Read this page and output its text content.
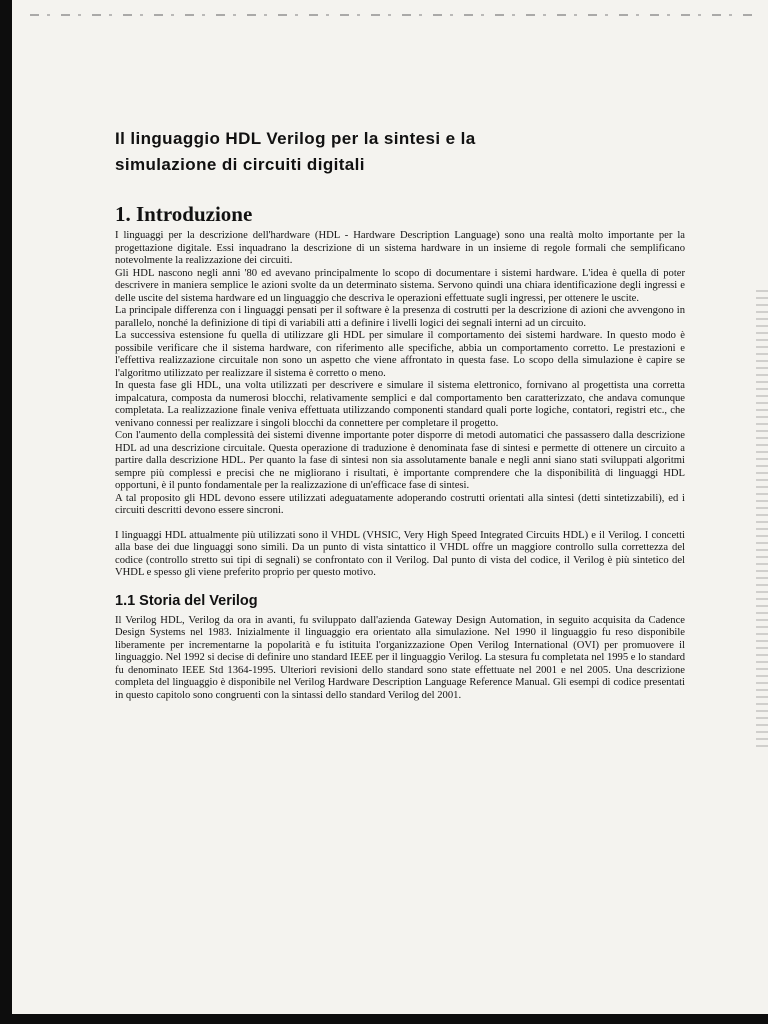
Il linguaggio HDL Verilog per la sintesi e la
simulazione di circuiti digitali
1. Introduzione

I linguaggi per la descrizione dell'hardware (HDL - Hardware Description Language) sono una realtà molto importante per la progettazione digitale. Essi inquadrano la descrizione di un sistema hardware in un insieme di regole formali che semplificano notevolmente la realizzazione dei circuiti.

Gli HDL nascono negli anni '80 ed avevano principalmente lo scopo di documentare i sistemi hardware. L'idea è quella di poter descrivere in maniera semplice le azioni svolte da un determinato sistema. Servono quindi una chiara identificazione degli ingressi e delle uscite del sistema hardware ed un linguaggio che descriva le operazioni effettuate sugli ingressi, per ottenere le uscite.

La principale differenza con i linguaggi pensati per il software è la presenza di costrutti per la descrizione di azioni che avvengono in parallelo, nonché la definizione di tipi di variabili atti a definire i livelli logici dei segnali interni ad un circuito.

La successiva estensione fu quella di utilizzare gli HDL per simulare il comportamento dei sistemi hardware. In questo modo è possibile verificare che il sistema hardware, con riferimento alle specifiche, abbia un comportamento corretto. Le prestazioni e l'effettiva realizzazione circuitale non sono un aspetto che viene affrontato in questa fase. Lo scopo della simulazione è capire se l'algoritmo utilizzato per realizzare il sistema è corretto o meno.

In questa fase gli HDL, una volta utilizzati per descrivere e simulare il sistema elettronico, fornivano al progettista una corretta impalcatura, composta da numerosi blocchi, relativamente semplici e dal comportamento ben caratterizzato, che andava comunque completata. La realizzazione finale veniva effettuata utilizzando componenti standard quali porte logiche, contatori, registri etc., che venivano connessi per realizzare i singoli blocchi da connettere per completare il progetto.

Con l'aumento della complessità dei sistemi divenne importante poter disporre di metodi automatici che passassero dalla descrizione HDL ad una descrizione circuitale. Questa operazione di traduzione è denominata fase di sintesi e permette di ottenere un circuito a partire dalla descrizione HDL. Per quanto la fase di sintesi non sia assolutamente banale e negli anni siano stati sviluppati algoritmi sempre più complessi e precisi che ne migliorano i risultati, è importante comprendere che la disponibilità di linguaggi HDL opportuni, è il punto fondamentale per la realizzazione di un'efficace fase di sintesi.

A tal proposito gli HDL devono essere utilizzati adeguatamente adoperando costrutti orientati alla sintesi (detti sintetizzabili), ed i circuiti descritti devono essere sincroni.

I linguaggi HDL attualmente più utilizzati sono il VHDL (VHSIC, Very High Speed Integrated Circuits HDL) e il Verilog. I concetti alla base dei due linguaggi sono simili. Da un punto di vista sintattico il VHDL offre un maggiore controllo sulla correttezza del codice (controllo stretto sui tipi di segnali) se confrontato con il Verilog. Dal punto di vista del codice, il Verilog è più sintetico del VHDL e spesso gli viene preferito proprio per questo motivo.

1.1 Storia del Verilog

Il Verilog HDL, Verilog da ora in avanti, fu sviluppato dall'azienda Gateway Design Automation, in seguito acquisita da Cadence Design Systems nel 1983. Inizialmente il linguaggio era orientato alla simulazione. Nel 1990 il linguaggio fu reso disponibile liberamente per incrementarne la popolarità e fu istituita l'organizzazione Open Verilog International (OVI) per promuovere il linguaggio. Nel 1992 si decise di definire uno standard IEEE per il linguaggio Verilog. La stesura fu completata nel 1995 e lo standard fu denominato IEEE Std 1364-1995. Ulteriori revisioni dello standard sono state effettuate nel 2001 e nel 2005. Una descrizione completa del linguaggio è disponibile nel Verilog Hardware Description Language Reference Manual. Gli esempi di codice presentati in questo capitolo sono congruenti con la sintassi dello standard Verilog del 2001.
